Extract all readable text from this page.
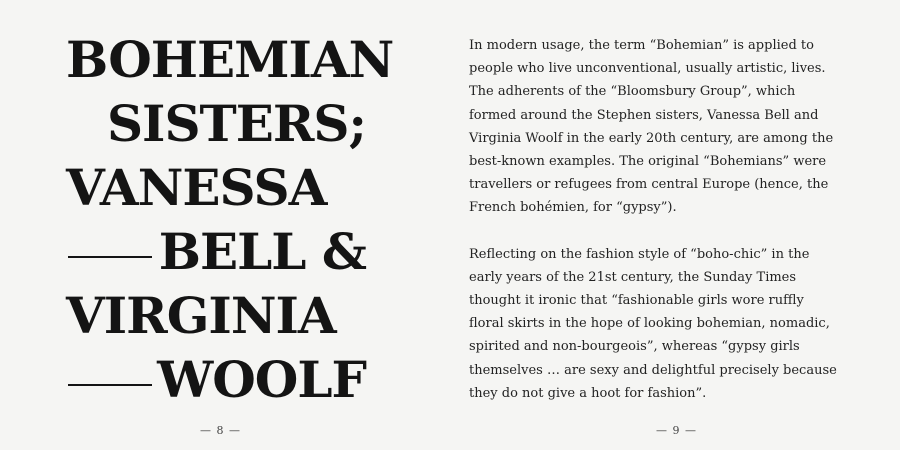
BOHEMIAN
SISTERS;
VANESSA
BELL &
VIRGINIA
WOOLF
— 8 —

In modern usage, the term “Bohemian” is applied to people who live unconventional, usually artistic, lives. The adherents of the “Bloomsbury Group”, which formed around the Stephen sisters, Vanessa Bell and Virginia Woolf in the early 20th century, are among the best-known examples. The original “Bohemians” were travellers or refugees from central Europe (hence, the French bohémien, for “gypsy”).

Reflecting on the fashion style of “boho-chic” in the early years of the 21st century, the Sunday Times thought it ironic that “fashionable girls wore ruffly floral skirts in the hope of looking bohemian, nomadic, spirited and non-bourgeois”, whereas “gypsy girls themselves … are sexy and delightful precisely because they do not give a hoot for fashion”.

— 9 —
